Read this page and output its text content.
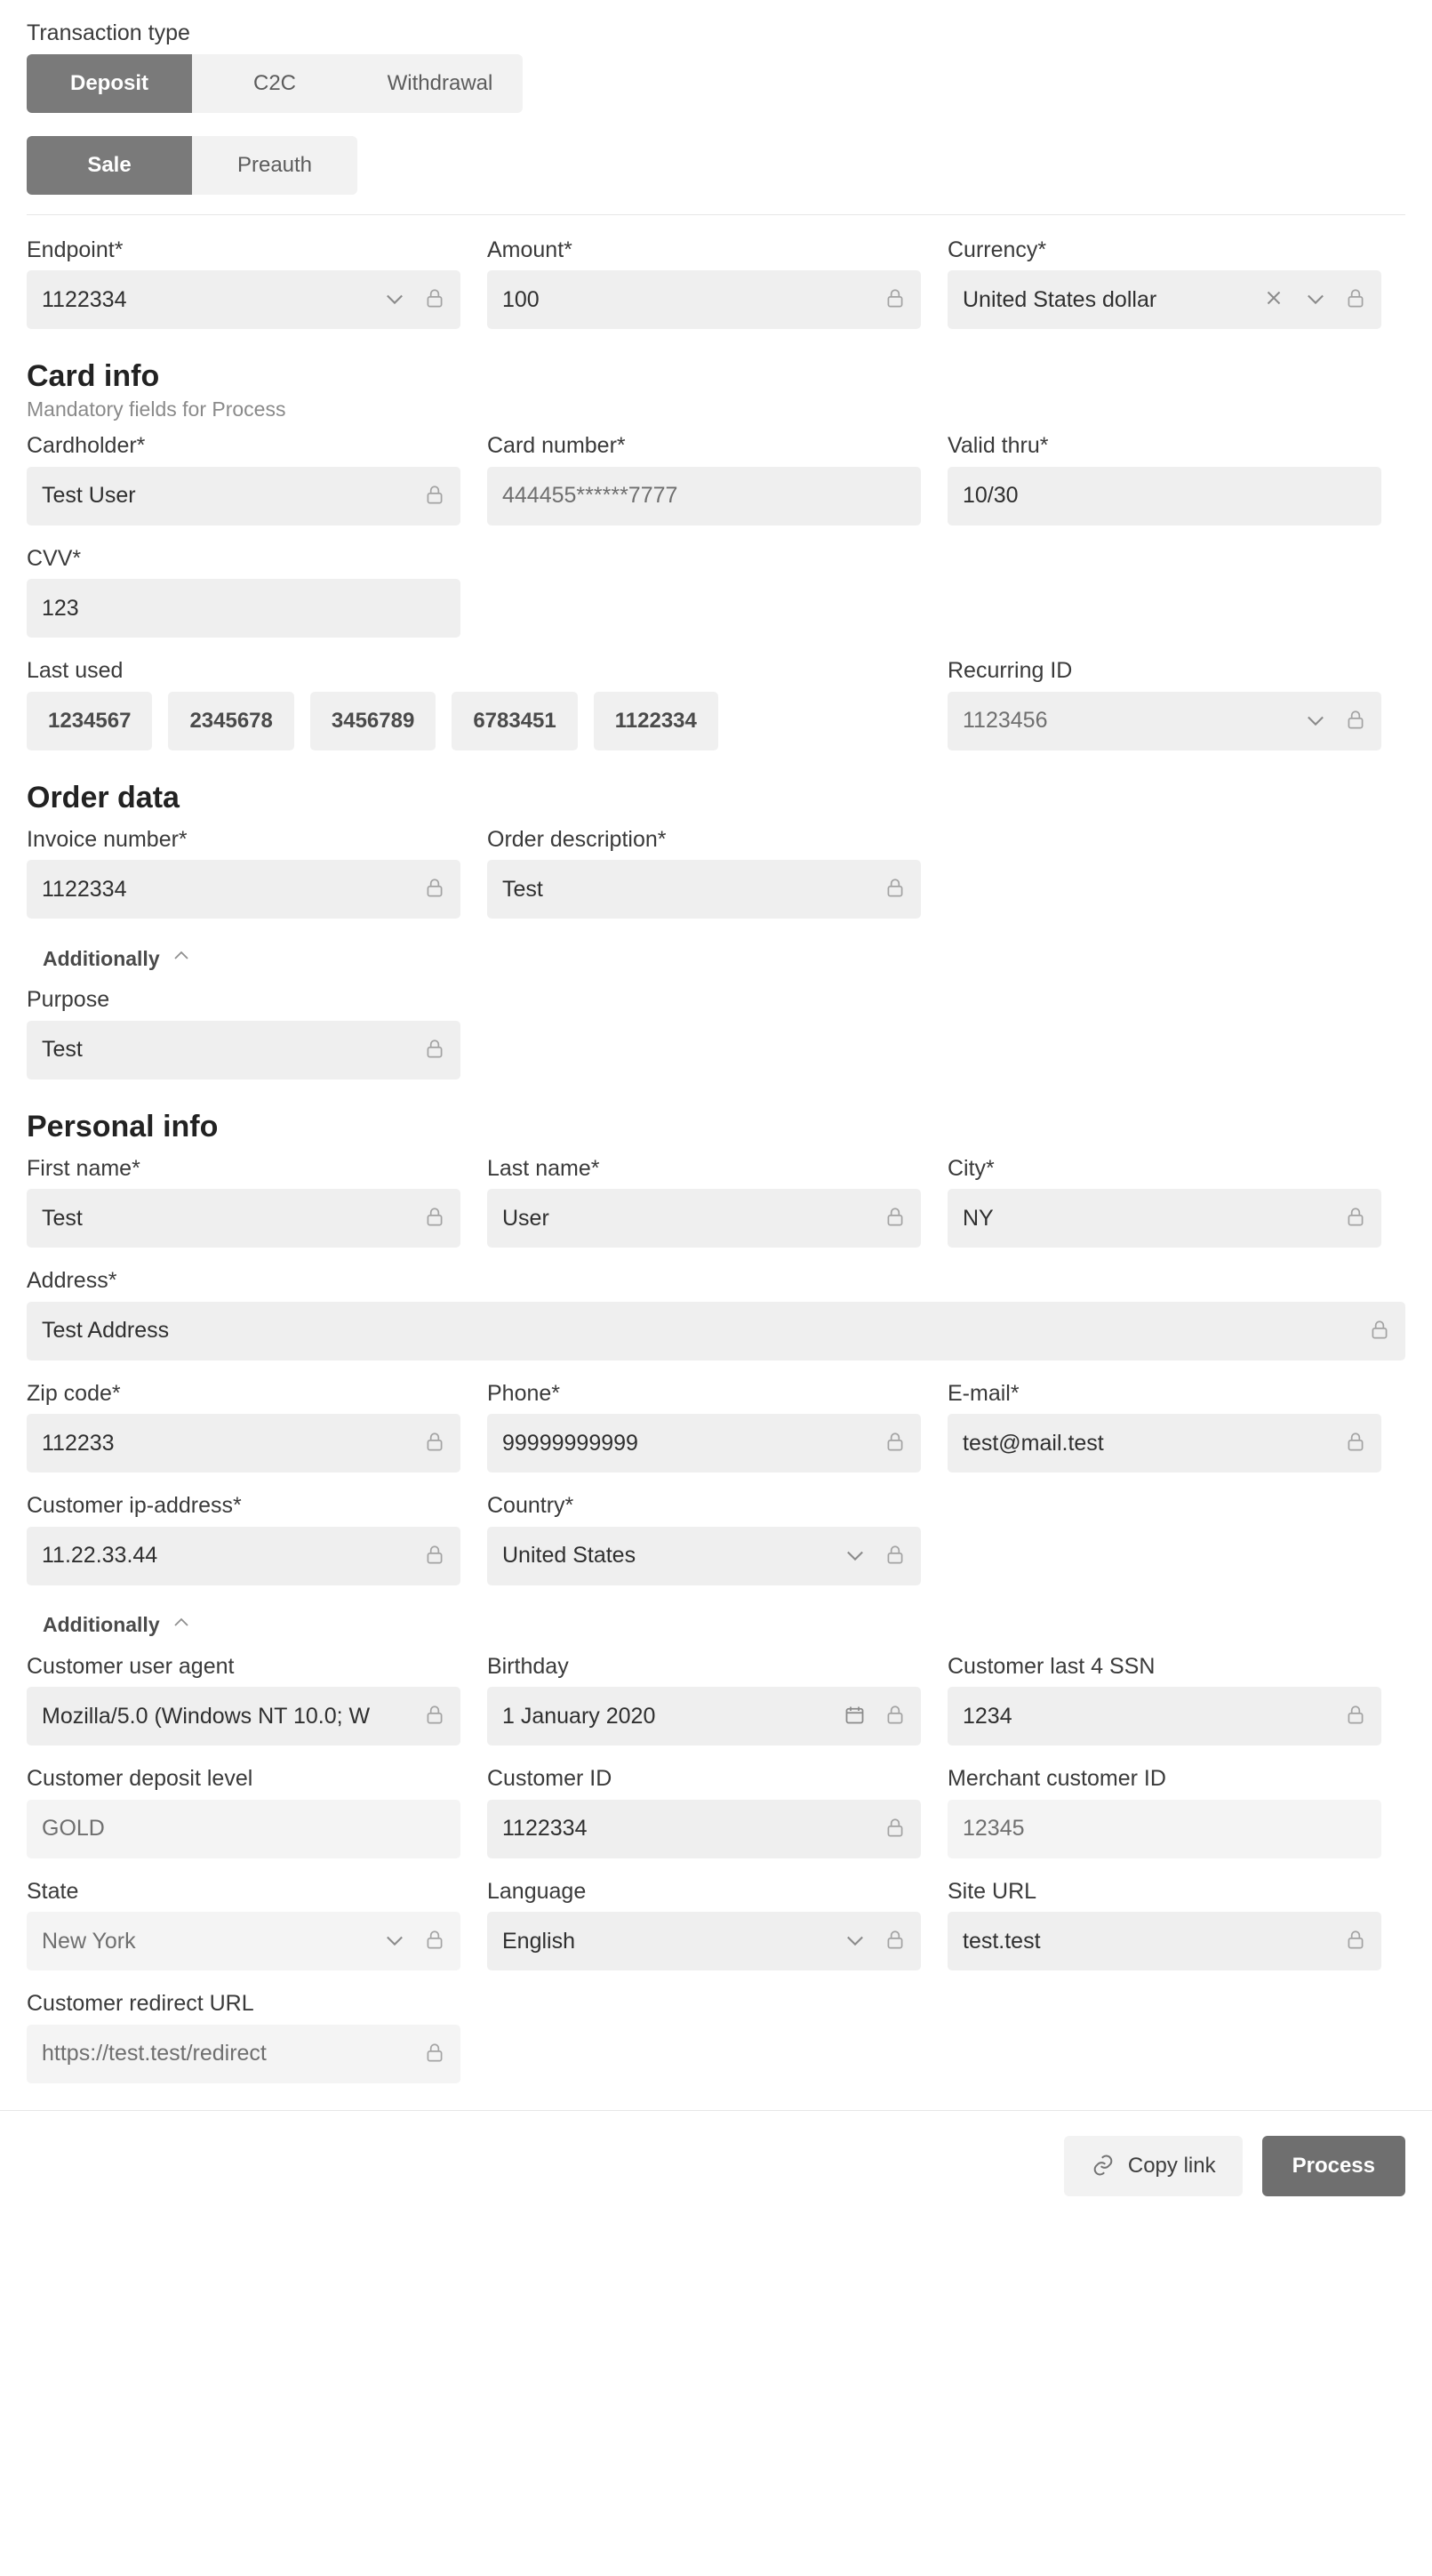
Transaction type
Deposit	C2C	Withdrawal
Sale	Preauth
Endpoint*
1122334
Amount*
100
Currency*
United States dollar
Card info
Mandatory fields for Process
Cardholder*
Test User
Card number*
444455******7777
Valid thru*
10/30
CVV*
123
Last used
1234567	2345678	3456789	6783451	1122334
Recurring ID
1123456
Order data
Invoice number*
1122334
Order description*
Test
Additionally
Purpose
Test
Personal info
First name*
Test
Last name*
User
City*
NY
Address*
Test Address
Zip code*
112233
Phone*
99999999999
E-mail*
test@mail.test
Customer ip-address*
11.22.33.44
Country*
United States
Additionally
Customer user agent
Mozilla/5.0 (Windows NT 10.0; W
Birthday
1 January 2020
Customer last 4 SSN
1234
Customer deposit level
GOLD
Customer ID
1122334
Merchant customer ID
12345
State
New York
Language
English
Site URL
test.test
Customer redirect URL
https://test.test/redirect
Copy link	Process
